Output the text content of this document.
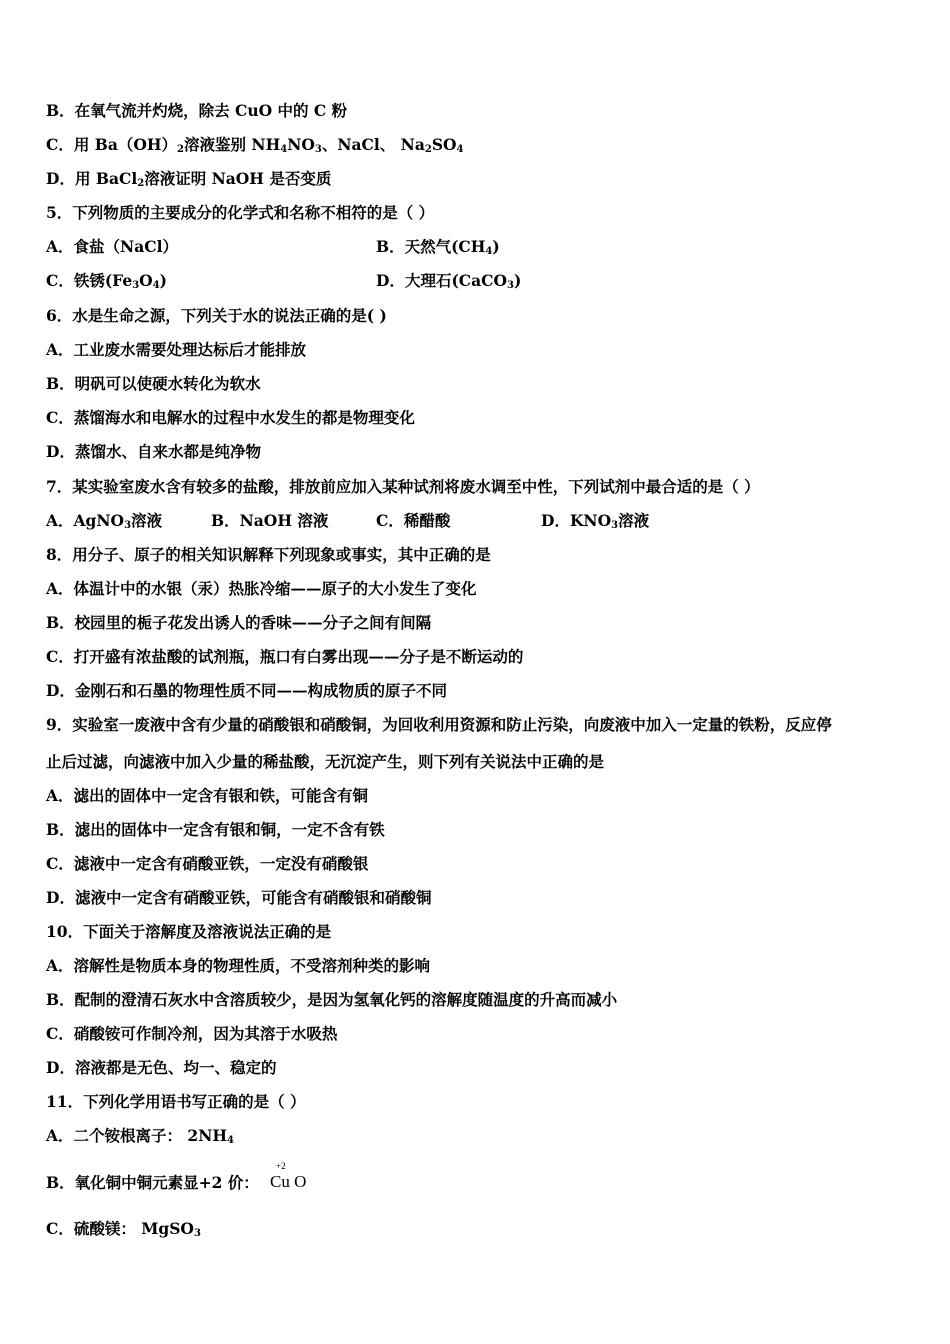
B．在氧气流并灼烧，除去 CuO 中的 C 粉
C．用 $Ba(OH)_2$溶液鉴别 $NH_4NO_3$、NaCl、 $Na_2SO_4$
D．用 BaCl$_2$溶液证明 NaOH 是否变质
5．下列物质的主要成分的化学式和名称不相符的是（ ）
A．食盐（NaCl）	B．天然气$(CH_4)$
C．铁锈$(Fe_3O_4)$	D．大理石(CaCO$_3$)
6．水是生命之源，下列关于水的说法正确的是( )
A．工业废水需要处理达标后才能排放
B．明矾可以使硬水转化为软水
C．蒸馏海水和电解水的过程中水发生的都是物理变化
D．蒸馏水、自来水都是纯净物
7．某实验室废水含有较多的盐酸，排放前应加入某种试剂将废水调至中性，下列试剂中最合适的是（ ）
A．AgNO$_3$溶液	B．NaOH 溶液	C．稀醋酸	D．$KNO_3$溶液
8．用分子、原子的相关知识解释下列现象或事实，其中正确的是
A．体温计中的水银（汞）热胀冷缩——原子的大小发生了变化
B．校园里的栀子花发出诱人的香味——分子之间有间隔
C．打开盛有浓盐酸的试剂瓶，瓶口有白雾出现——分子是不断运动的
D．金刚石和石墨的物理性质不同——构成物质的原子不同
9．实验室一废液中含有少量的硝酸银和硝酸铜，为回收利用资源和防止污染，向废液中加入一定量的铁粉，反应停
止后过滤，向滤液中加入少量的稀盐酸，无沉淀产生，则下列有关说法中正确的是
A．滤出的固体中一定含有银和铁，可能含有铜
B．滤出的固体中一定含有银和铜，一定不含有铁
C．滤液中一定含有硝酸亚铁，一定没有硝酸银
D．滤液中一定含有硝酸亚铁，可能含有硝酸银和硝酸铜
10．下面关于溶解度及溶液说法正确的是
A．溶解性是物质本身的物理性质，不受溶剂种类的影响
B．配制的澄清石灰水中含溶质较少，是因为氢氧化钙的溶解度随温度的升高而减小
C．硝酸铵可作制冷剂，因为其溶于水吸热
D．溶液都是无色、均一、稳定的
11．下列化学用语书写正确的是（ ）
A．二个铵根离子： $2NH_4$
B．氧化铜中铜元素显+2 价：
+2
Cu O
C．硫酸镁： MgSO$_3$
